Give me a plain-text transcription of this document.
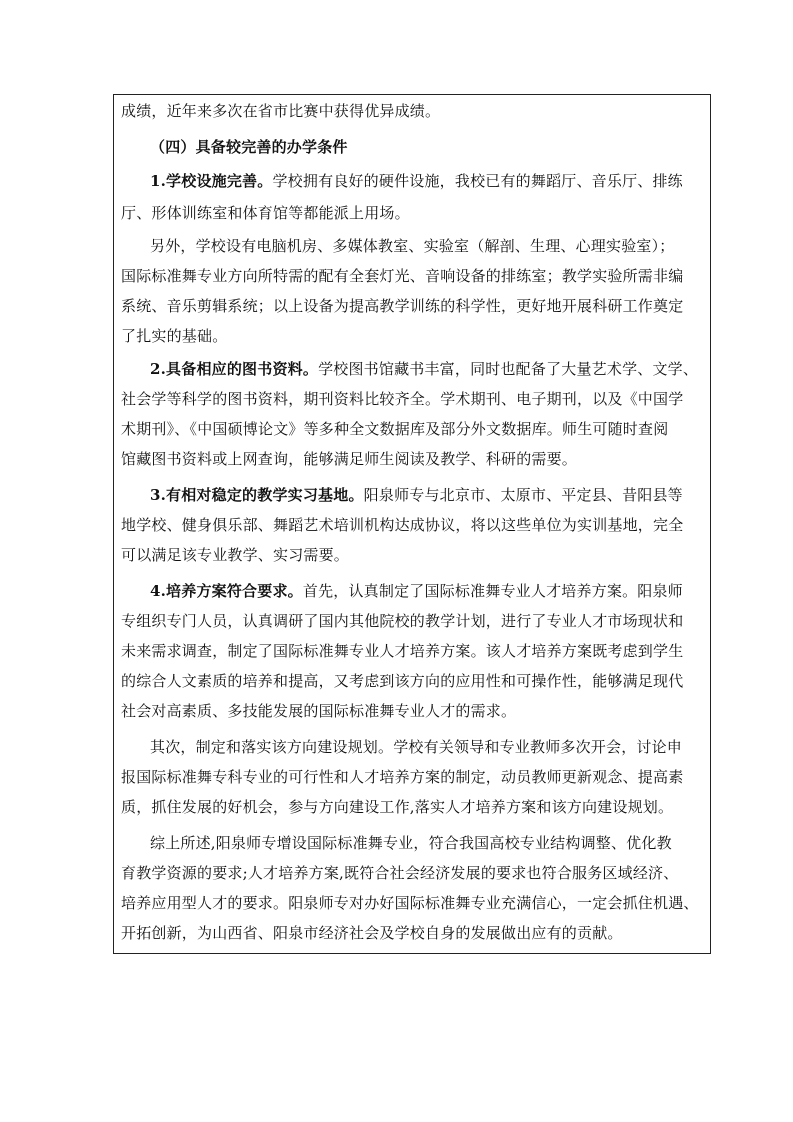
成绩，近年来多次在省市比赛中获得优异成绩。
（四）具备较完善的办学条件
1.学校设施完善。学校拥有良好的硬件设施，我校已有的舞蹈厅、音乐厅、排练
厅、形体训练室和体育馆等都能派上用场。
另外，学校设有电脑机房、多媒体教室、实验室（解剖、生理、心理实验室）；
国际标准舞专业方向所特需的配有全套灯光、音响设备的排练室；教学实验所需非编
系统、音乐剪辑系统；以上设备为提高教学训练的科学性，更好地开展科研工作奠定
了扎实的基础。
2.具备相应的图书资料。学校图书馆藏书丰富，同时也配备了大量艺术学、文学、
社会学等科学的图书资料，期刊资料比较齐全。学术期刊、电子期刊，以及《中国学
术期刊》、《中国硕博论文》等多种全文数据库及部分外文数据库。师生可随时查阅
馆藏图书资料或上网查询，能够满足师生阅读及教学、科研的需要。
3.有相对稳定的教学实习基地。阳泉师专与北京市、太原市、平定县、昔阳县等
地学校、健身俱乐部、舞蹈艺术培训机构达成协议，将以这些单位为实训基地，完全
可以满足该专业教学、实习需要。
4.培养方案符合要求。首先，认真制定了国际标准舞专业人才培养方案。阳泉师
专组织专门人员，认真调研了国内其他院校的教学计划，进行了专业人才市场现状和
未来需求调查，制定了国际标准舞专业人才培养方案。该人才培养方案既考虑到学生
的综合人文素质的培养和提高，又考虑到该方向的应用性和可操作性，能够满足现代
社会对高素质、多技能发展的国际标准舞专业人才的需求。
其次，制定和落实该方向建设规划。学校有关领导和专业教师多次开会，讨论申
报国际标准舞专科专业的可行性和人才培养方案的制定，动员教师更新观念、提高素
质，抓住发展的好机会，参与方向建设工作,落实人才培养方案和该方向建设规划。
综上所述,阳泉师专增设国际标准舞专业，符合我国高校专业结构调整、优化教
育教学资源的要求;人才培养方案,既符合社会经济发展的要求也符合服务区域经济、
培养应用型人才的要求。阳泉师专对办好国际标准舞专业充满信心，一定会抓住机遇、
开拓创新，为山西省、阳泉市经济社会及学校自身的发展做出应有的贡献。
